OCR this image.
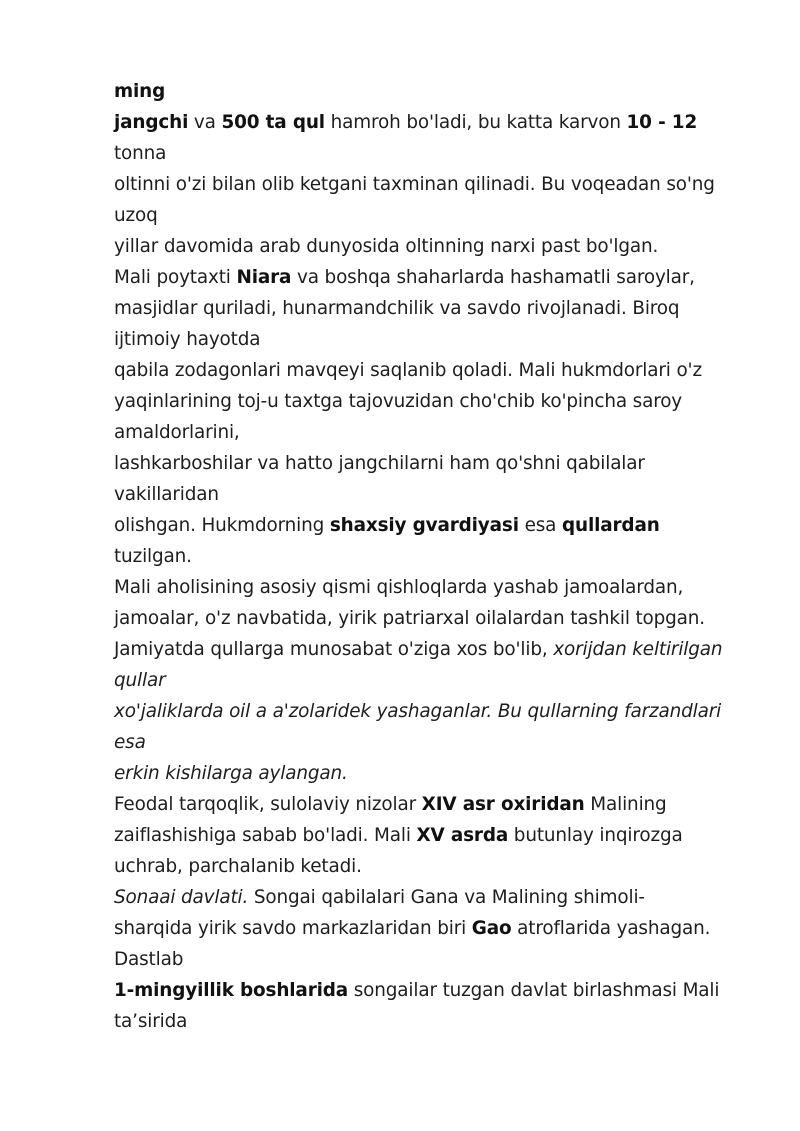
ming
jangchi va 500 ta qul hamroh bo'ladi, bu katta karvon 10 - 12
tonna
oltinni o'zi bilan olib ketgani taxminan qilinadi. Bu voqeadan so'ng
uzoq
yillar davomida arab dunyosida oltinning narxi past bo'lgan.
Mali poytaxti Niara va boshqa shaharlarda hashamatli saroylar,
masjidlar quriladi, hunarmandchilik va savdo rivojlanadi. Biroq
ijtimoiy hayotda
qabila zodagonlari mavqeyi saqlanib qoladi. Mali hukmdorlari o'z
yaqinlarining toj-u taxtga tajovuzidan cho'chib ko'pincha saroy
amaldorlarini,
lashkarboshilar va hatto jangchilarni ham qo'shni qabilalar
vakillaridan
olishgan. Hukmdorning shaxsiy gvardiyasi esa qullardan
tuzilgan.
Mali aholisining asosiy qismi qishloqlarda yashab jamoalardan,
jamoalar, o'z navbatida, yirik patriarxal oilalardan tashkil topgan.
Jamiyatda qullarga munosabat o'ziga xos bo'lib, xorijdan keltirilgan
qullar
xo'jaliklarda oil a a'zolaridek yashaganlar. Bu qullarning farzandlari
esa
erkin kishilarga aylangan.
Feodal tarqoqlik, sulolaviy nizolar XIV asr oxiridan Malining
zaiflashishiga sabab bo'ladi. Mali XV asrda butunlay inqirozga
uchrab, parchalanib ketadi.
Sonaai davlati. Songai qabilalari Gana va Malining shimoli-
sharqida yirik savdo markazlaridan biri Gao atroflarida yashagan.
Dastlab
1-mingyillik boshlarida songailar tuzgan davlat birlashmasi Mali
ta’sirida
